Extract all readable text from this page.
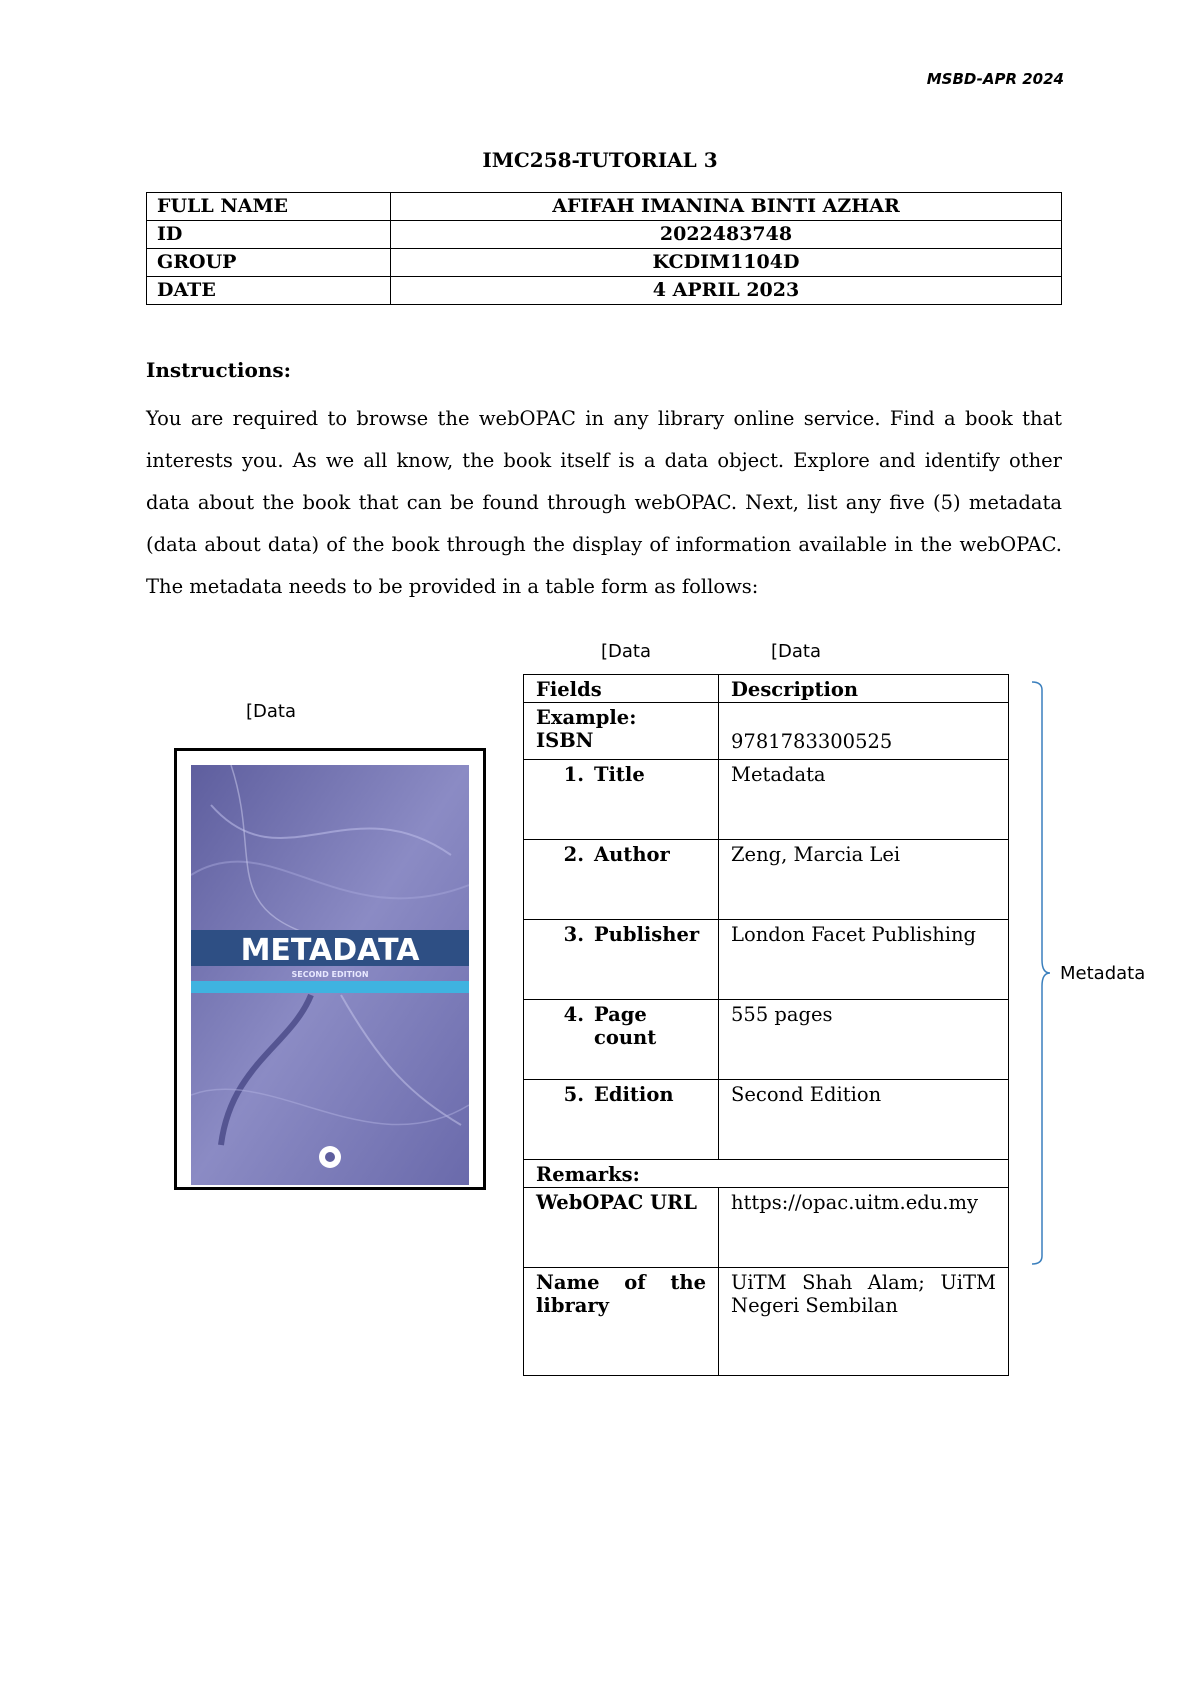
MSBD-APR 2024
IMC258-TUTORIAL 3
FULL NAME	AFIFAH IMANINA BINTI AZHAR
ID	2022483748
GROUP	KCDIM1104D
DATE	4 APRIL 2023
Instructions:
You are required to browse the webOPAC in any library online service. Find a book that interests you. As we all know, the book itself is a data object. Explore and identify other data about the book that can be found through webOPAC. Next, list any five (5) metadata (data about data) of the book through the display of information available in the webOPAC. The metadata needs to be provided in a table form as follows:
[Data
[Data	[Data
METADATA
SECOND EDITION
Fields	Description

Example:
ISBN	9781783300525

1. Title	Metadata
2. Author	Zeng, Marcia Lei
3. Publisher	London Facet Publishing
4. Page
count	555 pages
5. Edition	Second Edition
Remarks:	
WebOPAC URL	https://opac.uitm.edu.my
Name of the library	UiTM Shah Alam; UiTM Negeri Sembilan
Metadata
